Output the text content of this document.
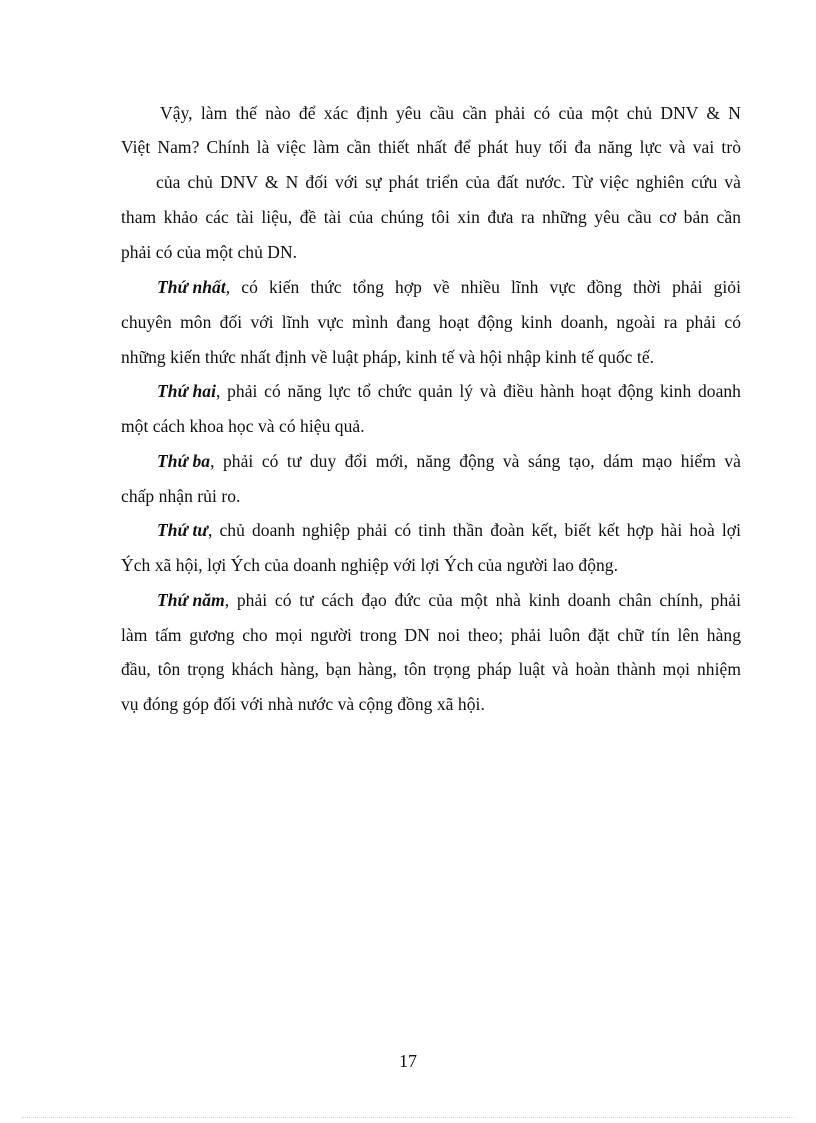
Vậy, làm thế nào để xác định yêu cầu cần phải có của một chủ DNV & N
Việt Nam? Chính là việc làm cần thiết nhất để phát huy tối đa năng lực và vai trò
của chủ DNV & N đối với sự phát triển của đất nước. Từ việc nghiên cứu và
tham khảo các tài liệu, đề tài của chúng tôi xin đưa ra những yêu cầu cơ bản cần
phải có của một chủ DN.
Thứ nhất , có kiến thức tổng hợp về nhiều lĩnh vực đồng thời phải giỏi
chuyên môn đối với lĩnh vực mình đang hoạt động kinh doanh, ngoài ra phải có
những kiến thức nhất định về luật pháp, kinh tế và hội nhập kinh tế quốc tế.
Thứ hai , phải có năng lực tổ chức quản lý và điều hành hoạt động kinh doanh
một cách khoa học và có hiệu quả.
Thứ ba , phải có tư duy đổi mới, năng động và sáng tạo, dám mạo hiểm và
chấp nhận rủi ro.
Thứ tư , chủ doanh nghiệp phải có tinh thần đoàn kết, biết kết hợp hài hoà lợi
Ých xã hội, lợi Ých của doanh nghiệp với lợi Ých của người lao động.
Thứ năm , phải có tư cách đạo đức của một nhà kinh doanh chân chính, phải
làm tấm gương cho mọi người trong DN noi theo; phải luôn đặt chữ tín lên hàng
đầu, tôn trọng khách hàng, bạn hàng, tôn trọng pháp luật và hoàn thành mọi nhiệm
vụ đóng góp đối với nhà nước và cộng đồng xã hội.
17
